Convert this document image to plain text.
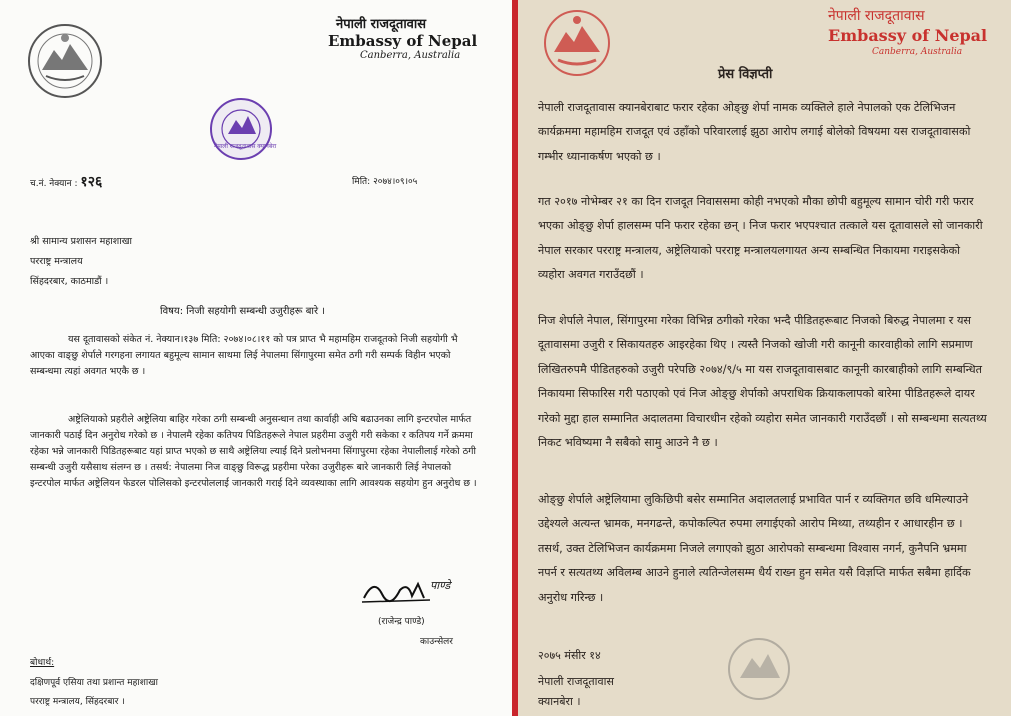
नेपाली राजदूतावास
Embassy of Nepal
Canberra, Australia
नेपाली राजदूतावास क्यानबेरा
च.नं. नेक्यान : १२६	मिति: २०७४।०९।०५
श्री सामान्य प्रशासन महाशाखा
परराष्ट्र मन्त्रालय
सिंहदरबार, काठमाडौं ।
विषय: निजी सहयोगी सम्बन्धी उजुरीहरू बारे ।
यस दूतावासको संकेत नं. नेक्यान।१३७ मिति: २०७४।०८।११ को पत्र प्राप्त भै महामहिम राजदूतको निजी सहयोगी भै आएका वाङ्छु शेर्पाले गरगहना लगायत बहुमूल्य सामान साथमा लिई नेपालमा सिंगापुरमा समेत ठगी गरी सम्पर्क विहीन भएको सम्बन्धमा त्यहां अवगत भएकै छ ।
अष्ट्रेलियाको प्रहरीले अष्ट्रेलिया बाहिर गरेका ठगी सम्बन्धी अनुसन्धान तथा कार्वाही अघि बढाउनका लागि इन्टरपोल मार्फत जानकारी पठाई दिन अनुरोध गरेको छ । नेपालमै रहेका कतिपय पिडितहरूले नेपाल प्रहरीमा उजुरी गरी सकेका र कतिपय गर्ने क्रममा रहेका भन्ने जानकारी पिडितहरूबाट यहां प्राप्त भएको छ साथै अष्ट्रेलिया ल्याई दिने प्रलोभनमा सिंगापुरमा रहेका नेपालीलाई गरेको ठगी सम्बन्धी उजुरी यसैसाथ संलग्न छ । तसर्थ: नेपालमा निज वाङ्छु विरूद्ध प्रहरीमा परेका उजुरीहरू बारे जानकारी लिई नेपालको इन्टरपोल मार्फत अष्ट्रेलियन फेडरल पोलिसको इन्टरपोललाई जानकारी गराई दिने व्यवस्थाका लागि आवश्यक सहयोग हुन अनुरोध छ ।
पाण्डे
(राजेन्द्र पाण्डे)
काउन्सेलर
बोधार्थ:
दक्षिणपूर्व एसिया तथा प्रशान्त महाशाखा
परराष्ट्र मन्त्रालय, सिंहदरबार ।
नेपाली राजदूतावास
Embassy of Nepal
Canberra, Australia
प्रेस विज्ञप्ती
नेपाली राजदूतावास क्यानबेराबाट फरार रहेका ओङ्छु शेर्पा नामक व्यक्तिले हाले नेपालको एक टेलिभिजन कार्यक्रममा महामहिम राजदूत एवं उहाँको परिवारलाई झुठा आरोप लगाई बोलेको विषयमा यस राजदूतावासको गम्भीर ध्यानाकर्षण भएको छ ।
गत २०१७ नोभेम्बर २१ का दिन राजदूत निवाससमा कोही नभएको मौका छोपी बहुमूल्य सामान चोरी गरी फरार भएका ओङ्छु शेर्पा हालसम्म पनि फरार रहेका छन् । निज फरार भएपश्चात तत्काले यस दूतावासले सो जानकारी नेपाल सरकार परराष्ट्र मन्त्रालय, अष्ट्रेलियाको परराष्ट्र मन्त्रालयलगायत अन्य सम्बन्धित निकायमा गराइसकेको व्यहोरा अवगत गराउँदछौं ।
निज शेर्पाले नेपाल, सिंगापुरमा गरेका विभिन्न ठगीको गरेका भन्दै पीडितहरूबाट निजको बिरुद्ध नेपालमा र यस दूतावासमा उजुरी र सिकायतहरु आइरहेका थिए । त्यस्तै निजको खोजी गरी कानूनी कारवाहीको लागि सप्रमाण लिखितरुपमै पीडितहरुको उजुरी परेपछि २०७४/९/५ मा यस राजदूतावासबाट कानूनी कारबाहीको लागि सम्बन्धित निकायमा सिफारिस गरी पठाएको एवं निज ओङ्छु शेर्पाको अपराधिक क्रियाकलापको बारेमा पीडितहरूले दायर गरेको मुद्दा हाल सम्मानित अदालतमा विचारधीन रहेको व्यहोरा समेत जानकारी गराउँदछौं । सो सम्बन्धमा सत्यतथ्य निकट भविष्यमा नै सबैको सामु आउने नै छ ।
ओङ्छु शेर्पाले अष्ट्रेलियामा लुकिछिपी बसेर सम्मानित अदालतलाई प्रभावित पार्न र व्यक्तिगत छवि धमिल्याउने उद्देश्यले अत्यन्त भ्रामक, मनगढन्ते, कपोकल्पित रुपमा लगाईएको आरोप मिथ्या, तथ्यहीन र आधारहीन छ । तसर्थ, उक्त टेलिभिजन कार्यक्रममा निजले लगाएको झुठा आरोपको सम्बन्धमा विश्वास नगर्न, कुनैपनि भ्रममा नपर्न र सत्यतथ्य अविलम्ब आउने हुनाले त्यतिन्जेलसम्म धैर्य राख्न हुन समेत यसै विज्ञप्ति मार्फत सबैमा हार्दिक अनुरोध गरिन्छ ।
२०७५ मंसीर १४
नेपाली राजदूतावास
क्यानबेरा ।
